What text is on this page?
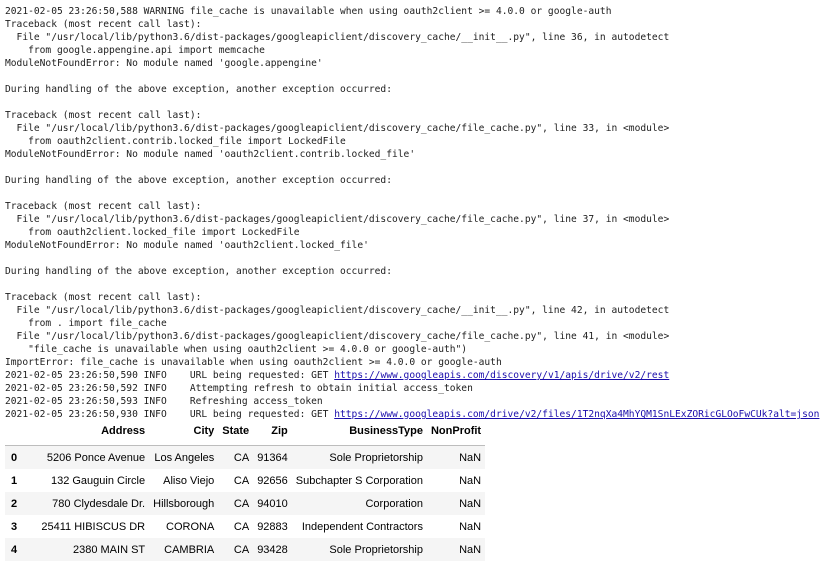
2021-02-05 23:26:50,588 WARNING file_cache is unavailable when using oauth2client >= 4.0.0 or google-auth
Traceback (most recent call last):
File "/usr/local/lib/python3.6/dist-packages/googleapiclient/discovery_cache/__init__.py", line 36, in autodetect
from google.appengine.api import memcache
ModuleNotFoundError: No module named 'google.appengine'
During handling of the above exception, another exception occurred:
Traceback (most recent call last):
File "/usr/local/lib/python3.6/dist-packages/googleapiclient/discovery_cache/file_cache.py", line 33, in <module>
from oauth2client.contrib.locked_file import LockedFile
ModuleNotFoundError: No module named 'oauth2client.contrib.locked_file'
During handling of the above exception, another exception occurred:
Traceback (most recent call last):
File "/usr/local/lib/python3.6/dist-packages/googleapiclient/discovery_cache/file_cache.py", line 37, in <module>
from oauth2client.locked_file import LockedFile
ModuleNotFoundError: No module named 'oauth2client.locked_file'
During handling of the above exception, another exception occurred:
Traceback (most recent call last):
File "/usr/local/lib/python3.6/dist-packages/googleapiclient/discovery_cache/__init__.py", line 42, in autodetect
from . import file_cache
File "/usr/local/lib/python3.6/dist-packages/googleapiclient/discovery_cache/file_cache.py", line 41, in <module>
"file_cache is unavailable when using oauth2client >= 4.0.0 or google-auth")
ImportError: file_cache is unavailable when using oauth2client >= 4.0.0 or google-auth
2021-02-05 23:26:50,590 INFO    URL being requested: GET https://www.googleapis.com/discovery/v1/apis/drive/v2/rest
2021-02-05 23:26:50,592 INFO    Attempting refresh to obtain initial access_token
2021-02-05 23:26:50,593 INFO    Refreshing access_token
2021-02-05 23:26:50,930 INFO    URL being requested: GET https://www.googleapis.com/drive/v2/files/1T2nqXa4MhYQM1SnLExZORicGLOoFwCUk?alt=json
	Address	City	State	Zip	BusinessType	NonProfit
0	5206 Ponce Avenue	Los Angeles	CA	91364	Sole Proprietorship	NaN
1	132 Gauguin Circle	Aliso Viejo	CA	92656	Subchapter S Corporation	NaN
2	780 Clydesdale Dr.	Hillsborough	CA	94010	Corporation	NaN
3	25411 HIBISCUS DR	CORONA	CA	92883	Independent Contractors	NaN
4	2380 MAIN ST	CAMBRIA	CA	93428	Sole Proprietorship	NaN
